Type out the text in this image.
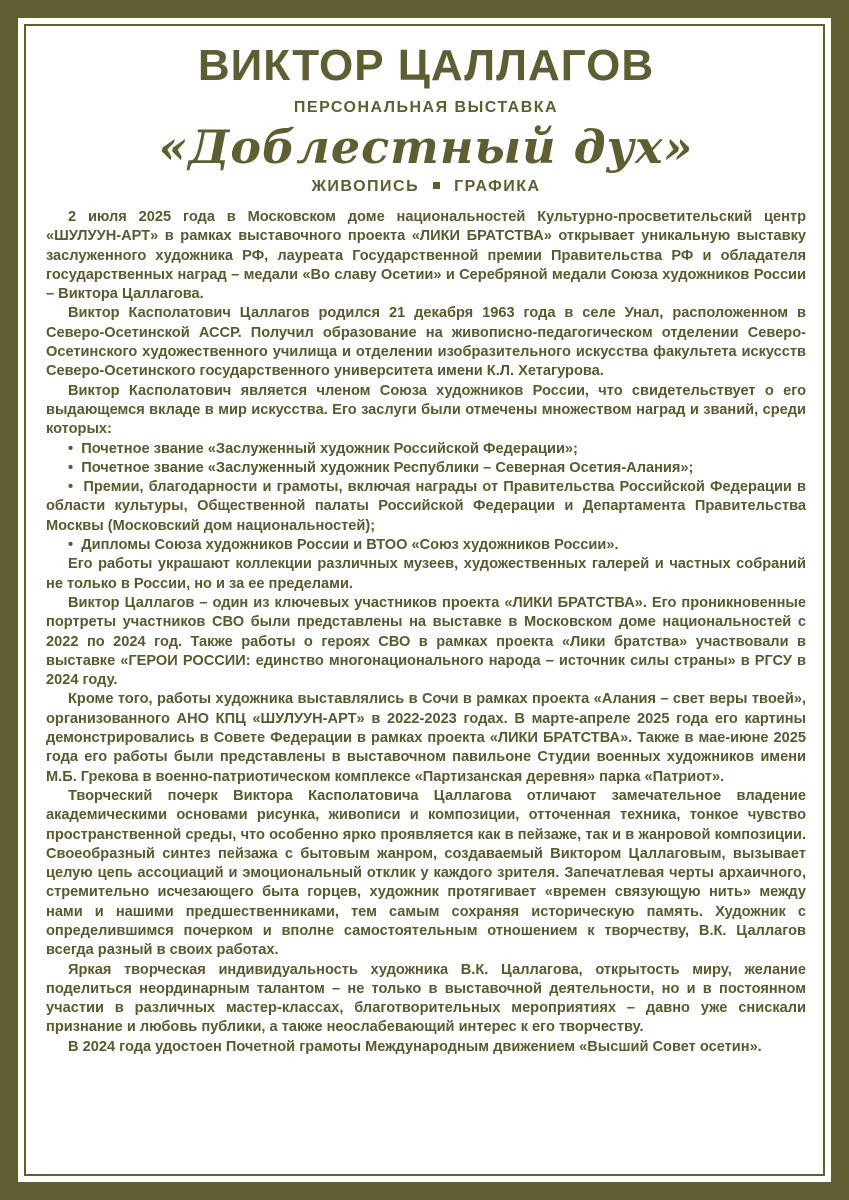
ВИКТОР ЦАЛЛАГОВ
ПЕРСОНАЛЬНАЯ ВЫСТАВКА
«Доблестный дух»
ЖИВОПИСЬ ГРАФИКА

2 июля 2025 года в Московском доме национальностей Культурно-просветительский центр «ШУЛУУН-АРТ» в рамках выставочного проекта «ЛИКИ БРАТСТВА» открывает уникальную выставку заслуженного художника РФ, лауреата Государственной премии Правительства РФ и обладателя государственных наград – медали «Во славу Осетии» и Серебряной медали Союза художников России – Виктора Цаллагова.

Виктор Касполатович Цаллагов родился 21 декабря 1963 года в селе Унал, расположенном в Северо-Осетинской АССР. Получил образование на живописно-педагогическом отделении Северо-Осетинского художественного училища и отделении изобразительного искусства факультета искусств Северо-Осетинского государственного университета имени К.Л. Хетагурова.

Виктор Касполатович является членом Союза художников России, что свидетельствует о его выдающемся вкладе в мир искусства. Его заслуги были отмечены множеством наград и званий, среди которых:

•  Почетное звание «Заслуженный художник Российской Федерации»;
•  Почетное звание «Заслуженный художник Республики – Северная Осетия-Алания»;
•  Премии, благодарности и грамоты, включая награды от Правительства Российской Федерации в области культуры, Общественной палаты Российской Федерации и Департамента Правительства Москвы (Московский дом национальностей);
•  Дипломы Союза художников России и ВТОО «Союз художников России».

Его работы украшают коллекции различных музеев, художественных галерей и частных собраний не только в России, но и за ее пределами.

Виктор Цаллагов – один из ключевых участников проекта «ЛИКИ БРАТСТВА». Его проникновенные портреты участников СВО были представлены на выставке в Московском доме национальностей с 2022 по 2024 год. Также работы о героях СВО в рамках проекта «Лики братства» участвовали в выставке «ГЕРОИ РОССИИ: единство многонационального народа – источник силы страны» в РГСУ в 2024 году.

Кроме того, работы художника выставлялись в Сочи в рамках проекта «Алания – свет веры твоей», организованного АНО КПЦ «ШУЛУУН-АРТ» в 2022-2023 годах. В марте-апреле 2025 года его картины демонстрировались в Совете Федерации в рамках проекта «ЛИКИ БРАТСТВА». Также в мае-июне 2025 года его работы были представлены в выставочном павильоне Студии военных художников имени М.Б. Грекова в военно-патриотическом комплексе «Партизанская деревня» парка «Патриот».

Творческий почерк Виктора Касполатовича Цаллагова отличают замечательное владение академическими основами рисунка, живописи и композиции, отточенная техника, тонкое чувство пространственной среды, что особенно ярко проявляется как в пейзаже, так и в жанровой композиции. Своеобразный синтез пейзажа с бытовым жанром, создаваемый Виктором Цаллаговым, вызывает целую цепь ассоциаций и эмоциональный отклик у каждого зрителя. Запечатлевая черты архаичного, стремительно исчезающего быта горцев, художник протягивает «времен связующую нить» между нами и нашими предшественниками, тем самым сохраняя историческую память. Художник с определившимся почерком и вполне самостоятельным отношением к творчеству, В.К. Цаллагов всегда разный в своих работах.

Яркая творческая индивидуальность художника В.К. Цаллагова, открытость миру, желание поделиться неординарным талантом – не только в выставочной деятельности, но и в постоянном участии в различных мастер-классах, благотворительных мероприятиях – давно уже снискали признание и любовь публики, а также неослабевающий интерес к его творчеству.

В 2024 года удостоен Почетной грамоты Международным движением «Высший Совет осетин».
